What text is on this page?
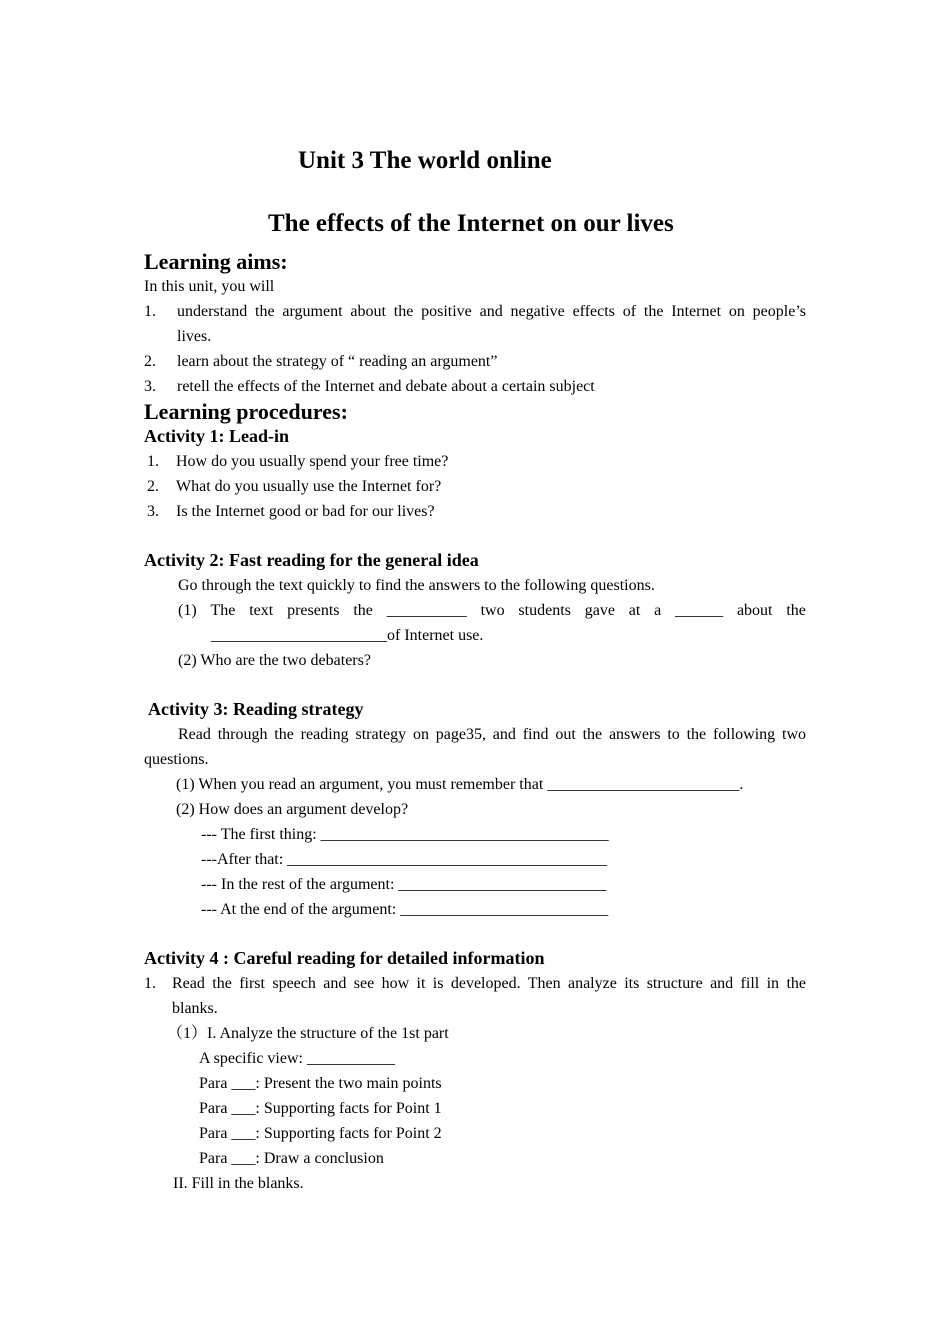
Unit 3 The world online
The effects of the Internet on our lives
Learning aims:
In this unit, you will
1. understand the argument about the positive and negative effects of the Internet on people’s
lives.
2. learn about the strategy of “ reading an argument”
3. retell the effects of the Internet and debate about a certain subject
Learning procedures:
Activity 1: Lead-in
1. How do you usually spend your free time?
2. What do you usually use the Internet for?
3. Is the Internet good or bad for our lives?
Activity 2: Fast reading for the general idea
Go through the text quickly to find the answers to the following questions.
(1) The text presents the __________ two students gave at a ______ about the
______________________of Internet use.
(2) Who are the two debaters?
Activity 3: Reading strategy
Read through the reading strategy on page35, and find out the answers to the following two
questions.
(1) When you read an argument, you must remember that ________________________.
(2) How does an argument develop?
--- The first thing: ____________________________________
---After that: ________________________________________
--- In the rest of the argument: __________________________
--- At the end of the argument: __________________________
Activity 4 : Careful reading for detailed information
1. Read the first speech and see how it is developed. Then analyze its structure and fill in the
blanks.
（1）I. Analyze the structure of the 1st part
A specific view: ___________
Para ___: Present the two main points
Para ___: Supporting facts for Point 1
Para ___: Supporting facts for Point 2
Para ___: Draw a conclusion
II. Fill in the blanks.
